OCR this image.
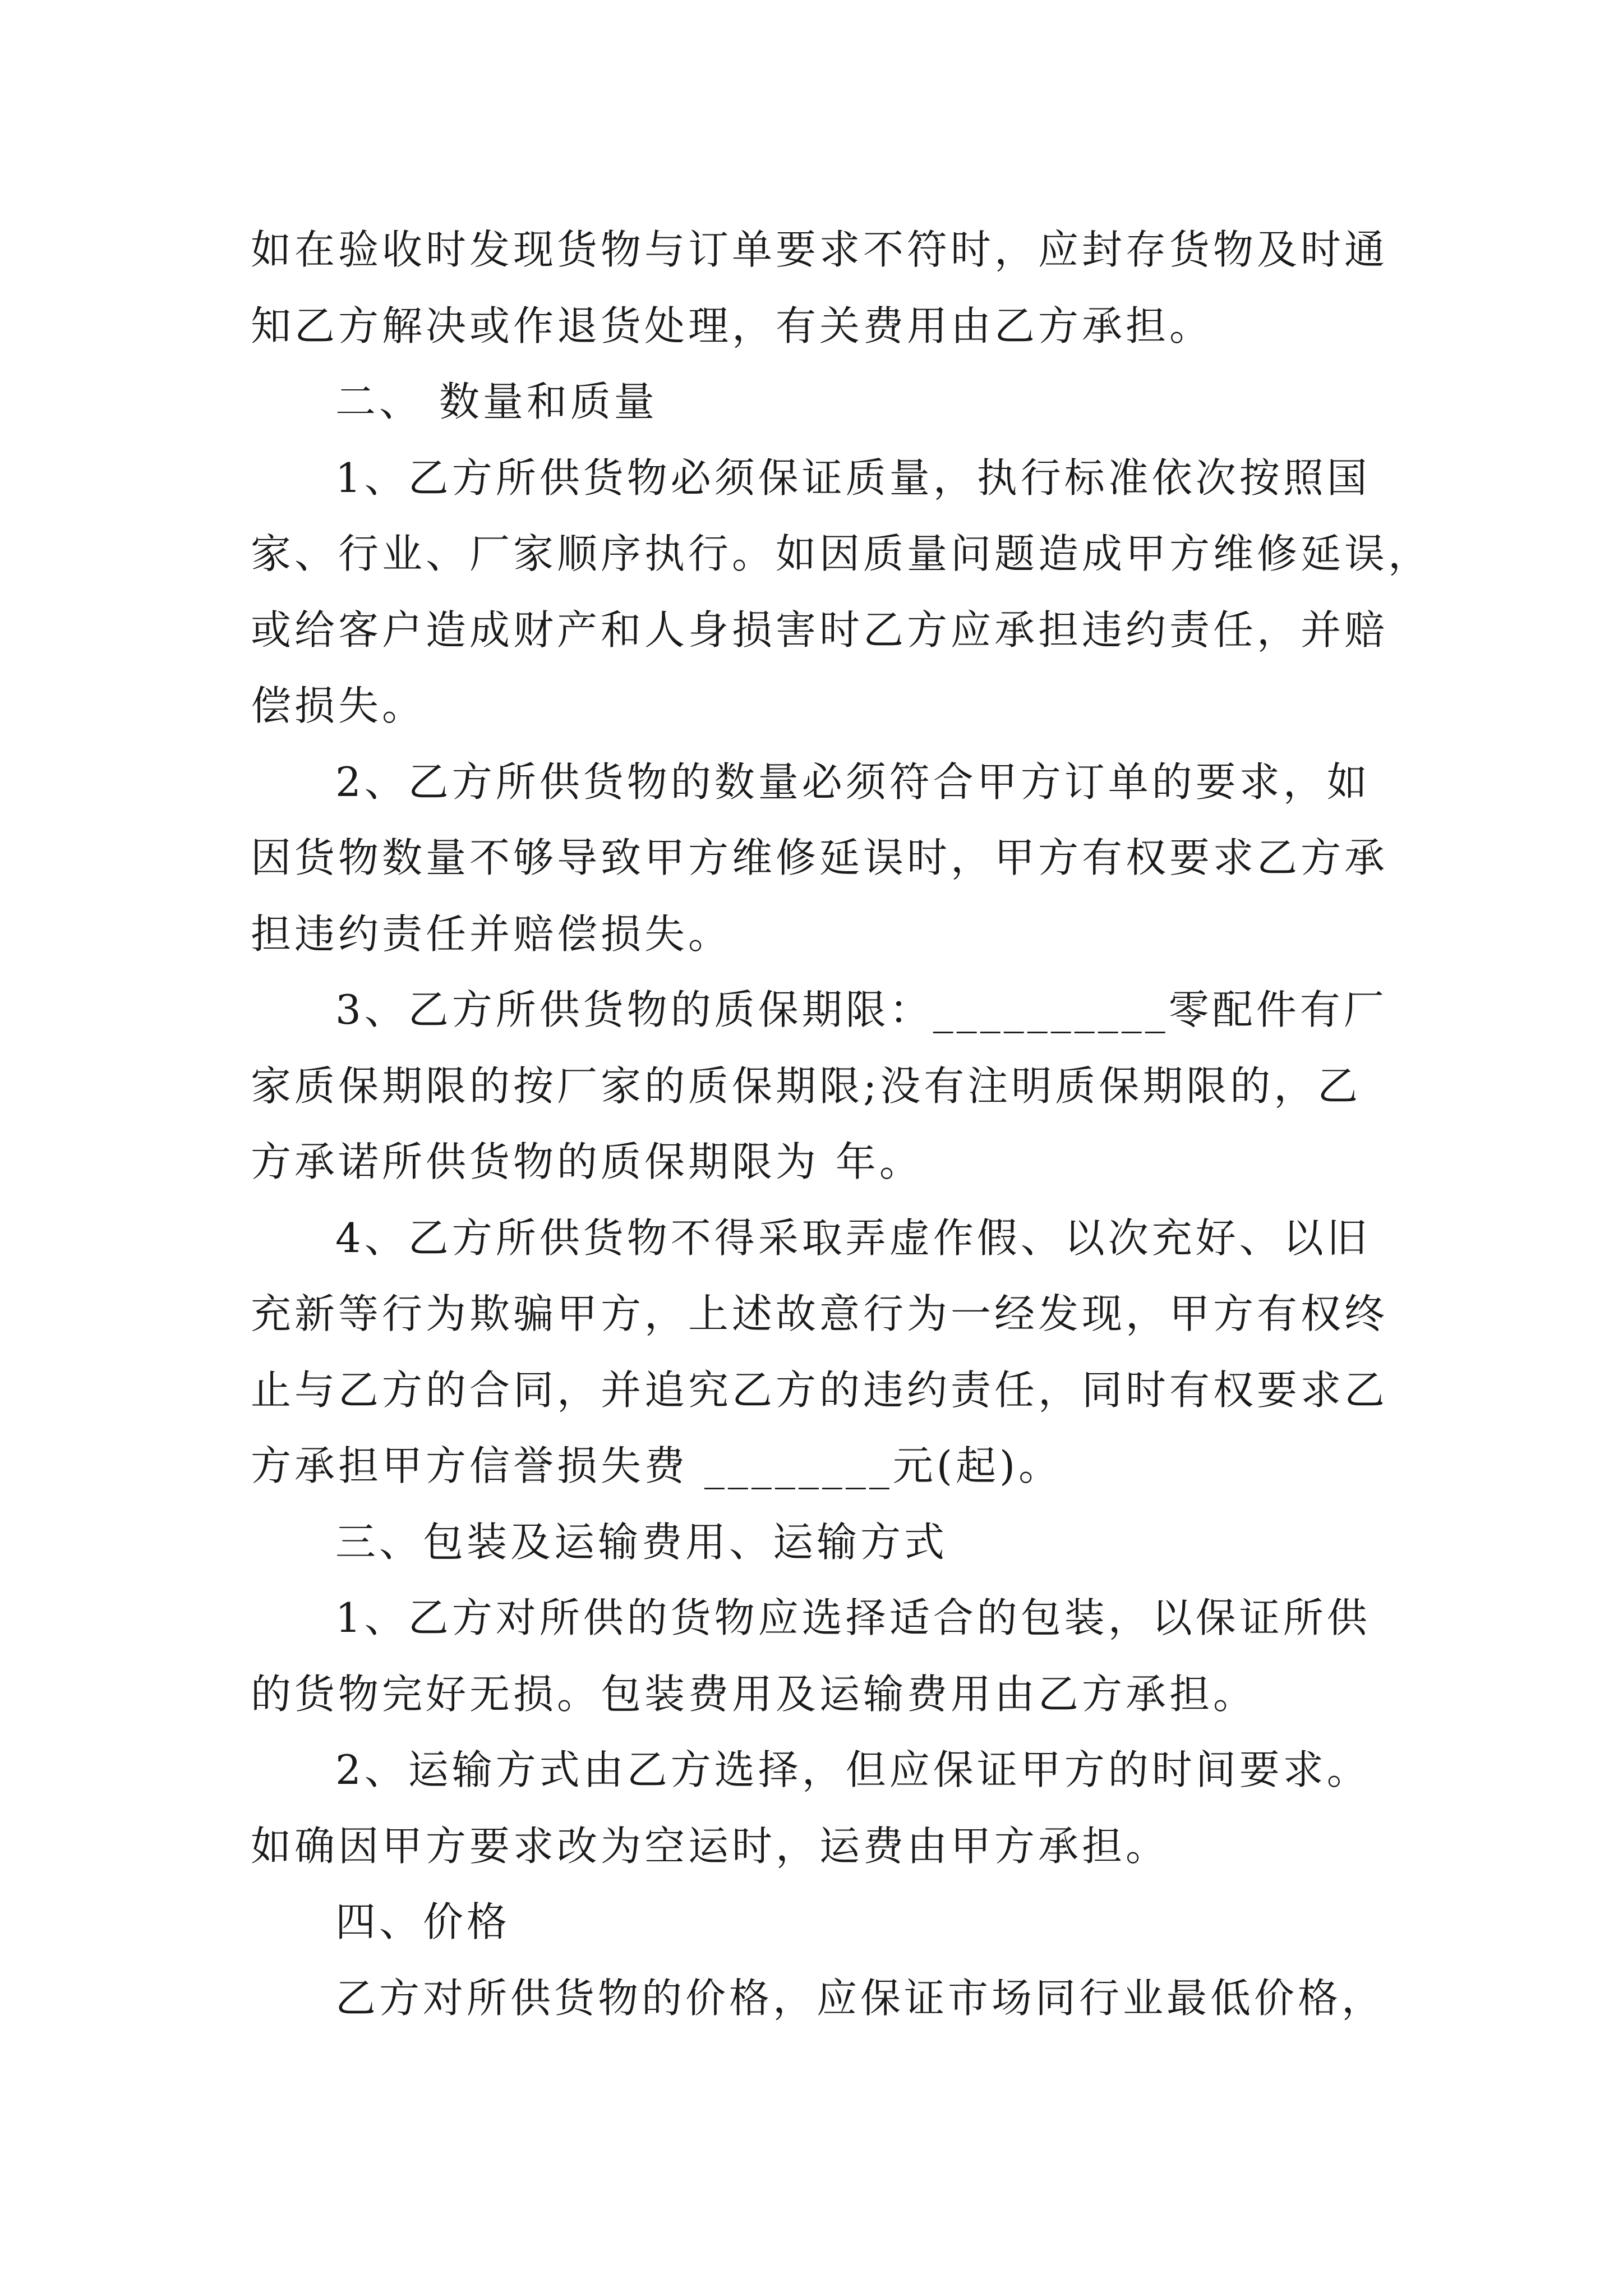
如在验收时发现货物与订单要求不符时，应封存货物及时通
知乙方解决或作退货处理，有关费用由乙方承担。
二、 数量和质量
1、乙方所供货物必须保证质量，执行标准依次按照国
家、行业、厂家顺序执行。如因质量问题造成甲方维修延误，
或给客户造成财产和人身损害时乙方应承担违约责任，并赔
偿损失。
2、乙方所供货物的数量必须符合甲方订单的要求，如
因货物数量不够导致甲方维修延误时，甲方有权要求乙方承
担违约责任并赔偿损失。
3、乙方所供货物的质保期限：__________零配件有厂
家质保期限的按厂家的质保期限;没有注明质保期限的，乙
方承诺所供货物的质保期限为 年。
4、乙方所供货物不得采取弄虚作假、以次充好、以旧
充新等行为欺骗甲方，上述故意行为一经发现，甲方有权终
止与乙方的合同，并追究乙方的违约责任，同时有权要求乙
方承担甲方信誉损失费 ________元(起)。
三、包装及运输费用、运输方式
1、乙方对所供的货物应选择适合的包装，以保证所供
的货物完好无损。包装费用及运输费用由乙方承担。
2、运输方式由乙方选择，但应保证甲方的时间要求。
如确因甲方要求改为空运时，运费由甲方承担。
四、价格
乙方对所供货物的价格，应保证市场同行业最低价格，
